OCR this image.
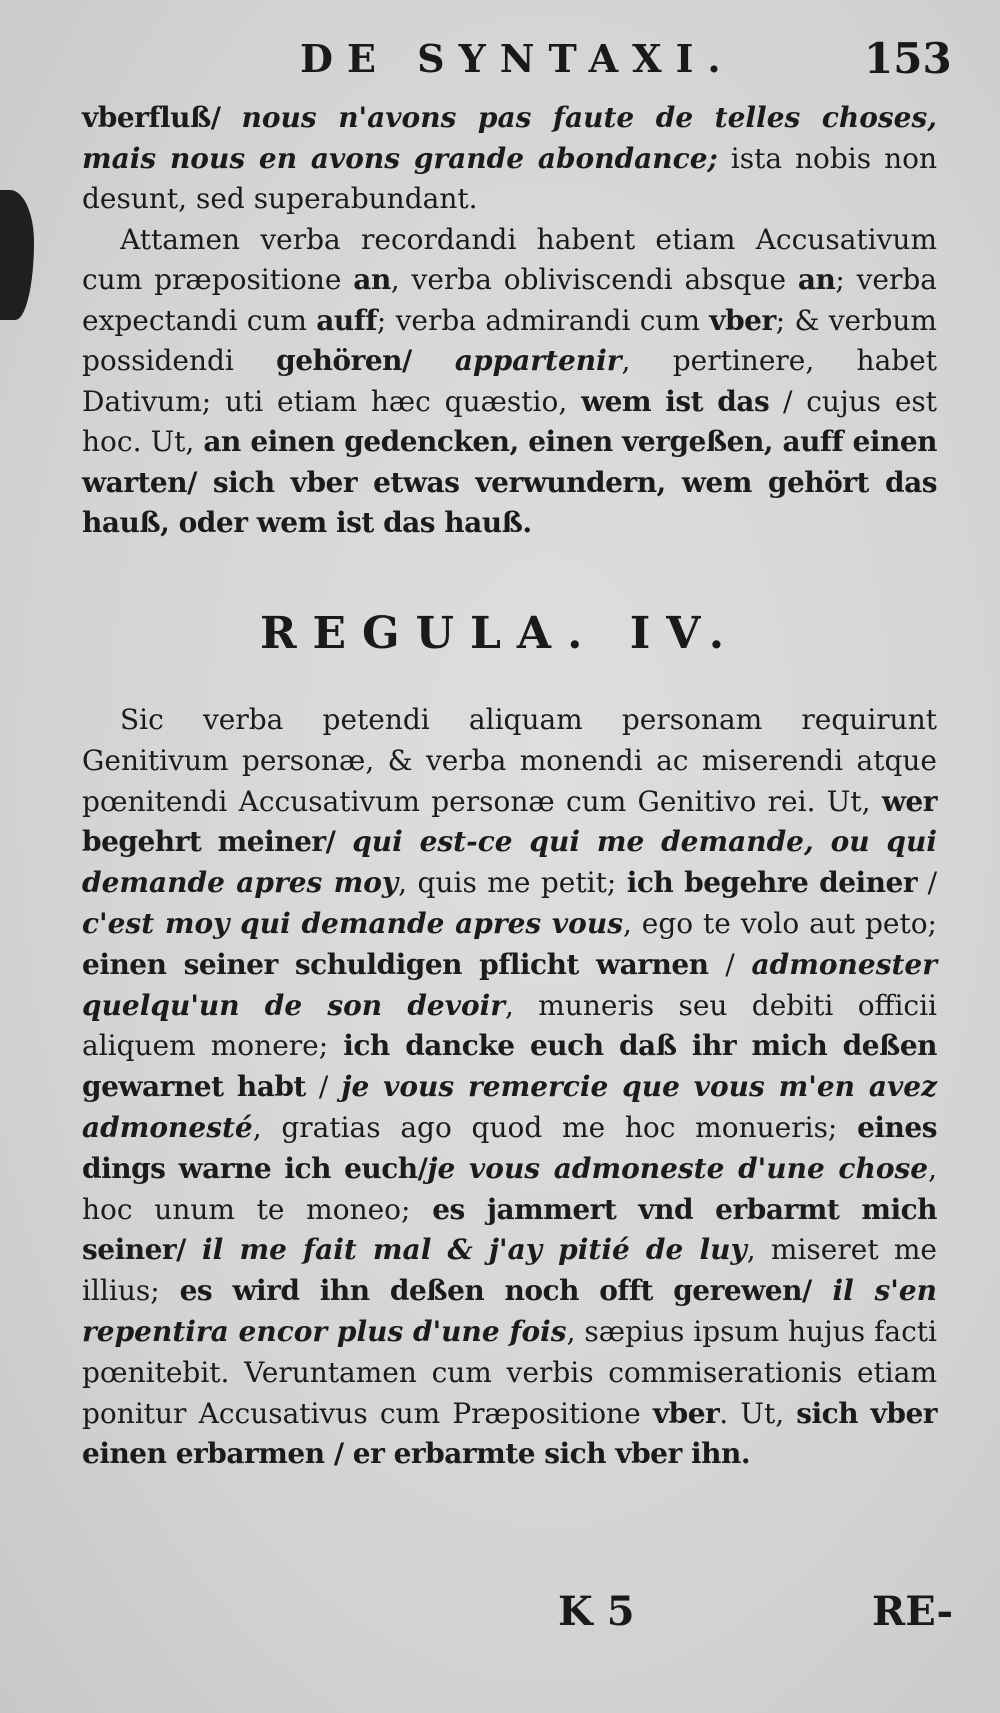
DE SYNTAXI.	153

vberfluß/ nous n'avons pas faute de telles choses, mais nous en avons grande abondance; ista nobis non desunt, sed superabundant.

Attamen verba recordandi habent etiam Accusativum cum præpositione an, verba obliviscendi absque an; verba expectandi cum auff; verba admirandi cum vber; & verbum possidendi gehören/ appartenir, pertinere, habet Dativum; uti etiam hæc quæstio, wem ist das / cujus est hoc. Ut, an einen gedencken, einen vergeßen, auff einen warten/ sich vber etwas verwundern, wem gehört das hauß, oder wem ist das hauß.

REGULA. IV.

Sic verba petendi aliquam personam requirunt Genitivum personæ, & verba monendi ac miserendi atque pœnitendi Accusativum personæ cum Genitivo rei. Ut, wer begehrt meiner/ qui est-ce qui me demande, ou qui demande apres moy, quis me petit; ich begehre deiner / c'est moy qui demande apres vous, ego te volo aut peto; einen seiner schuldigen pflicht warnen / admonester quelqu'un de son devoir, muneris seu debiti officii aliquem monere; ich dancke euch daß ihr mich deßen gewarnet habt / je vous remercie que vous m'en avez admonesté, gratias ago quod me hoc monueris; eines dings warne ich euch/je vous admoneste d'une chose, hoc unum te moneo; es jammert vnd erbarmt mich seiner/ il me fait mal & j'ay pitié de luy, miseret me illius; es wird ihn deßen noch offt gerewen/ il s'en repentira encor plus d'une fois, sæpius ipsum hujus facti pœnitebit. Veruntamen cum verbis commiserationis etiam ponitur Accusativus cum Præpositione vber. Ut, sich vber einen erbarmen / er erbarmte sich vber ihn.

K 5	RE-
